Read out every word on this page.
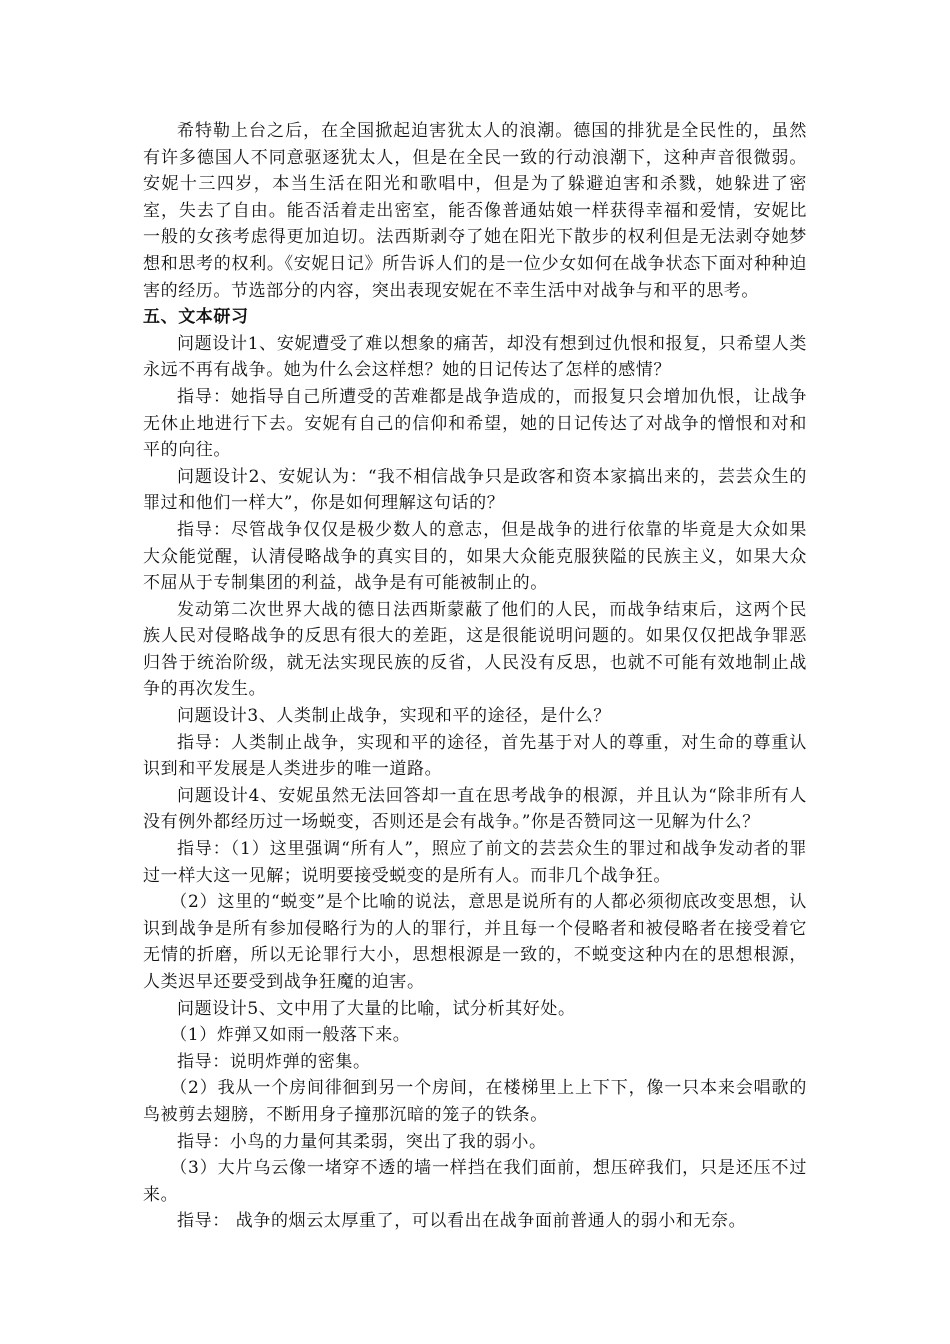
希特勒上台之后，在全国掀起迫害犹太人的浪潮。德国的排犹是全民性的，虽然有许多德国人不同意驱逐犹太人，但是在全民一致的行动浪潮下，这种声音很微弱。安妮十三四岁，本当生活在阳光和歌唱中，但是为了躲避迫害和杀戮，她躲进了密室，失去了自由。能否活着走出密室，能否像普通姑娘一样获得幸福和爱情，安妮比一般的女孩考虑得更加迫切。法西斯剥夺了她在阳光下散步的权利但是无法剥夺她梦想和思考的权利。《安妮日记》所告诉人们的是一位少女如何在战争状态下面对种种迫害的经历。节选部分的内容，突出表现安妮在不幸生活中对战争与和平的思考。

五、文本研习

问题设计1、安妮遭受了难以想象的痛苦，却没有想到过仇恨和报复，只希望人类永远不再有战争。她为什么会这样想？她的日记传达了怎样的感情？

指导：她指导自己所遭受的苦难都是战争造成的，而报复只会增加仇恨，让战争无休止地进行下去。安妮有自己的信仰和希望，她的日记传达了对战争的憎恨和对和平的向往。

问题设计2、安妮认为：“我不相信战争只是政客和资本家搞出来的，芸芸众生的罪过和他们一样大”，你是如何理解这句话的？

指导：尽管战争仅仅是极少数人的意志，但是战争的进行依靠的毕竟是大众如果大众能觉醒，认清侵略战争的真实目的，如果大众能克服狭隘的民族主义，如果大众不屈从于专制集团的利益，战争是有可能被制止的。

发动第二次世界大战的德日法西斯蒙蔽了他们的人民，而战争结束后，这两个民族人民对侵略战争的反思有很大的差距，这是很能说明问题的。如果仅仅把战争罪恶归咎于统治阶级，就无法实现民族的反省，人民没有反思，也就不可能有效地制止战争的再次发生。

问题设计3、人类制止战争，实现和平的途径，是什么？

指导：人类制止战争，实现和平的途径，首先基于对人的尊重，对生命的尊重认识到和平发展是人类进步的唯一道路。

问题设计4、安妮虽然无法回答却一直在思考战争的根源，并且认为“除非所有人没有例外都经历过一场蜕变，否则还是会有战争。”你是否赞同这一见解为什么？

指导：（1）这里强调“所有人”，照应了前文的芸芸众生的罪过和战争发动者的罪过一样大这一见解；说明要接受蜕变的是所有人。而非几个战争狂。

（2）这里的“蜕变”是个比喻的说法，意思是说所有的人都必须彻底改变思想，认识到战争是所有参加侵略行为的人的罪行，并且每一个侵略者和被侵略者在接受着它无情的折磨，所以无论罪行大小，思想根源是一致的，不蜕变这种内在的思想根源，人类迟早还要受到战争狂魔的迫害。

问题设计5、文中用了大量的比喻，试分析其好处。

（1）炸弹又如雨一般落下来。

指导：说明炸弹的密集。

（2）我从一个房间徘徊到另一个房间，在楼梯里上上下下，像一只本来会唱歌的鸟被剪去翅膀，不断用身子撞那沉暗的笼子的铁条。

指导：小鸟的力量何其柔弱，突出了我的弱小。

（3）大片乌云像一堵穿不透的墙一样挡在我们面前，想压碎我们，只是还压不过来。

指导： 战争的烟云太厚重了，可以看出在战争面前普通人的弱小和无奈。
